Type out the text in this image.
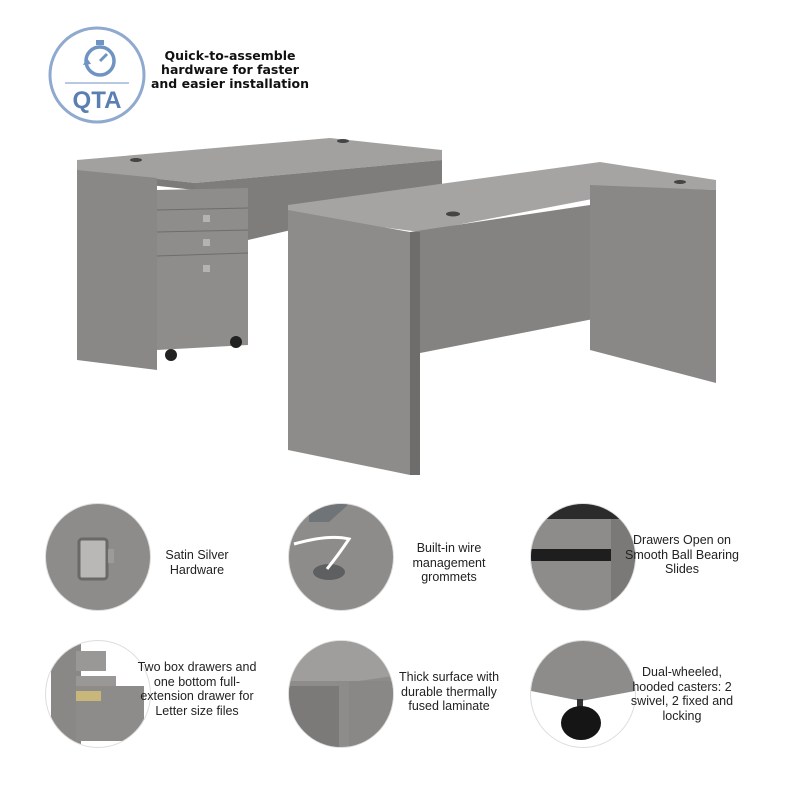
QTA
Quick-to-assemble hardware for faster and easier installation
Satin Silver Hardware
Built-in wire management grommets
Drawers Open on Smooth Ball Bearing Slides
Two box drawers and one bottom full-extension drawer for Letter size files
Thick surface with durable thermally fused laminate
Dual-wheeled, hooded casters: 2 swivel, 2 fixed and locking
